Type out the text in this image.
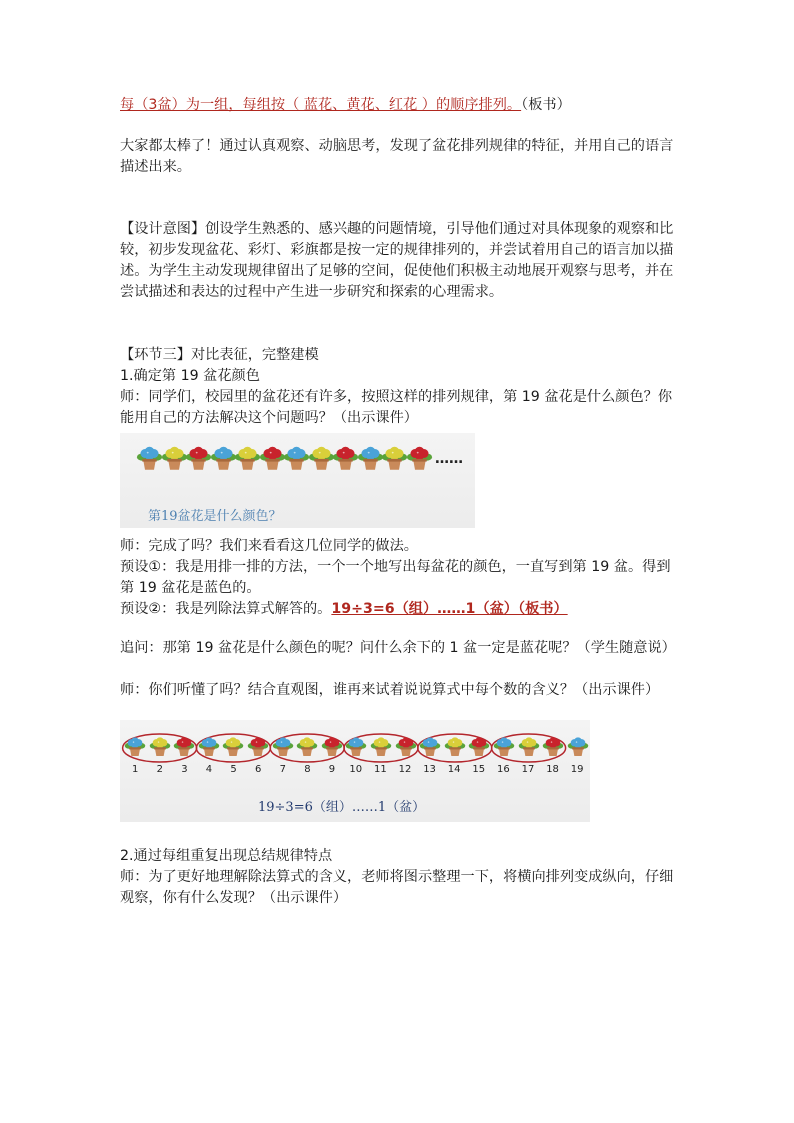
每（3盆）为一组，每组按（ 蓝花、黄花、红花 ）的顺序排列。（板书）

大家都太棒了！通过认真观察、动脑思考，发现了盆花排列规律的特征，并用自己的语言描述出来。

【设计意图】创设学生熟悉的、感兴趣的问题情境，引导他们通过对具体现象的观察和比较，初步发现盆花、彩灯、彩旗都是按一定的规律排列的，并尝试着用自己的语言加以描述。为学生主动发现规律留出了足够的空间，促使他们积极主动地展开观察与思考，并在尝试描述和表达的过程中产生进一步研究和探索的心理需求。

【环节三】对比表征，完整建模

1.确定第 19 盆花颜色

师：同学们，校园里的盆花还有许多，按照这样的排列规律，第 19 盆花是什么颜色？你能用自己的方法解决这个问题吗？（出示课件）

……
第19盆花是什么颜色？

师：完成了吗？我们来看看这几位同学的做法。

预设①：我是用排一排的方法，一个一个地写出每盆花的颜色，一直写到第 19 盆。得到第 19 盆花是蓝色的。

预设②：我是列除法算式解答的。19÷3=6（组）……1（盆）（板书）

追问：那第 19 盆花是什么颜色的呢？问什么余下的 1 盆一定是蓝花呢？（学生随意说）

师：你们听懂了吗？结合直观图，谁再来试着说说算式中每个数的含义？（出示课件）

1 2 3 4 5 6 7 8 9 10 11 12 13 14 15 16 17 18 19
19÷3=6（组）……1（盆）

2.通过每组重复出现总结规律特点

师：为了更好地理解除法算式的含义，老师将图示整理一下，将横向排列变成纵向，仔细观察，你有什么发现？（出示课件）
